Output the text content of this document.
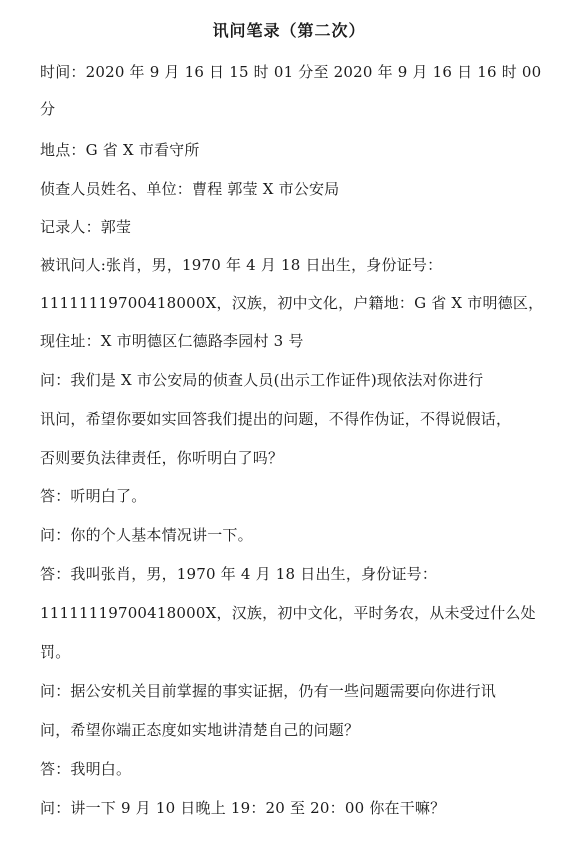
讯问笔录（第二次）
时间：2020 年 9 月 16 日 15 时 01 分至 2020 年 9 月 16 日 16 时 00
分
地点：G 省 X 市看守所
侦查人员姓名、单位：曹程 郭莹 X 市公安局
记录人：郭莹
被讯问人:张肖，男，1970 年 4 月 18 日出生，身份证号：
11111119700418000X，汉族，初中文化，户籍地：G 省 X 市明德区，
现住址：X 市明德区仁德路李园村 3 号
问：我们是 X 市公安局的侦查人员(出示工作证件)现依法对你进行
讯问，希望你要如实回答我们提出的问题，不得作伪证，不得说假话，
否则要负法律责任，你听明白了吗？
答：听明白了。
问：你的个人基本情况讲一下。
答：我叫张肖，男，1970 年 4 月 18 日出生，身份证号：
11111119700418000X，汉族，初中文化，平时务农，从未受过什么处
罚。
问：据公安机关目前掌握的事实证据，仍有一些问题需要向你进行讯
问，希望你端正态度如实地讲清楚自己的问题？
答：我明白。
问：讲一下 9 月 10 日晚上 19：20 至 20：00 你在干嘛？
